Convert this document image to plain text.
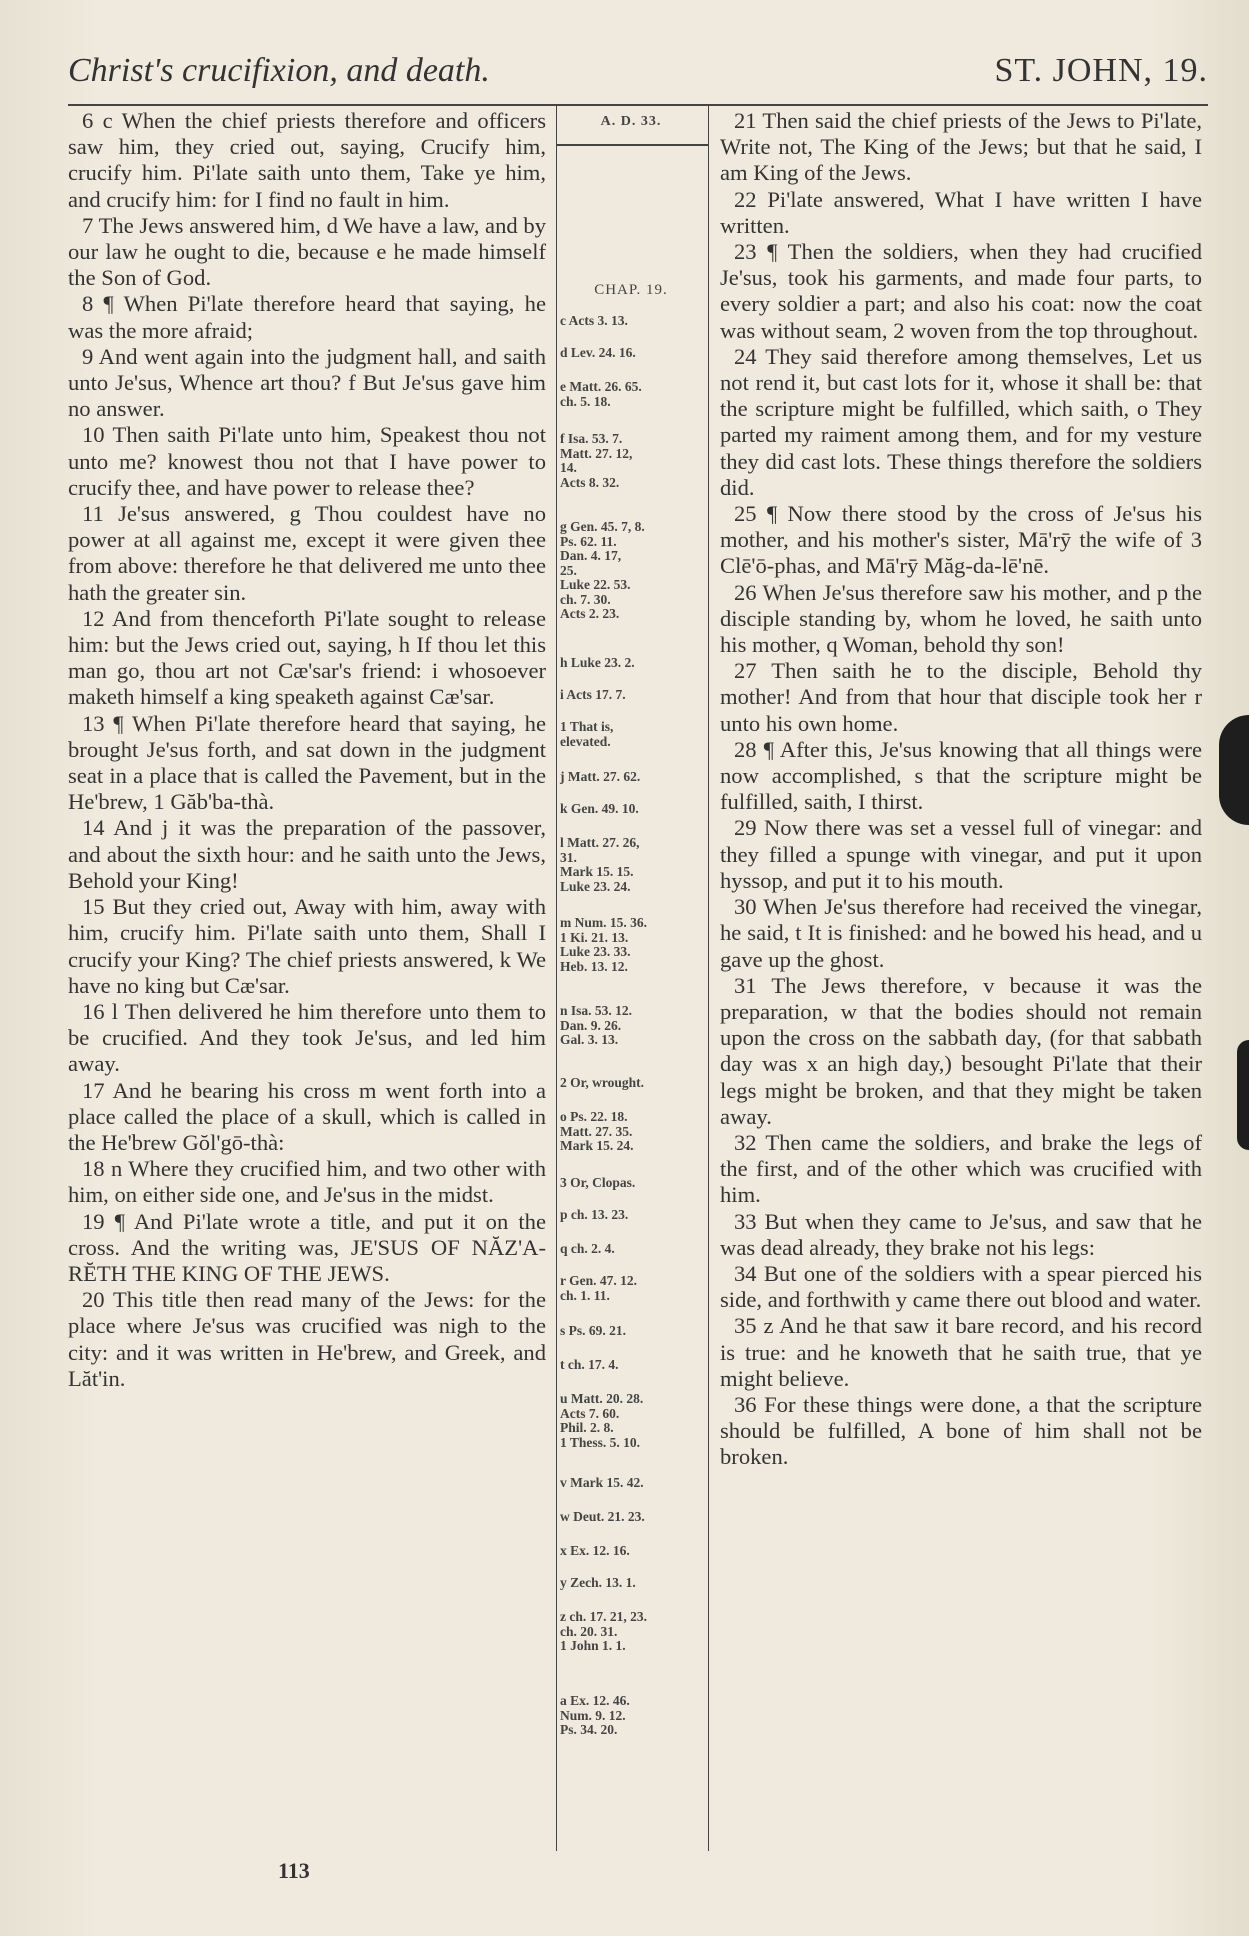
Christ's crucifixion, and death.	ST. JOHN, 19.

6 c When the chief priests therefore and officers saw him, they cried out, saying, Crucify him, crucify him. Pi'late saith unto them, Take ye him, and crucify him: for I find no fault in him.

7 The Jews answered him, d We have a law, and by our law he ought to die, because e he made himself the Son of God.

8 ¶ When Pi'late therefore heard that saying, he was the more afraid;

9 And went again into the judgment hall, and saith unto Je'sus, Whence art thou? f But Je'sus gave him no answer.

10 Then saith Pi'late unto him, Speakest thou not unto me? knowest thou not that I have power to crucify thee, and have power to release thee?

11 Je'sus answered, g Thou couldest have no power at all against me, except it were given thee from above: therefore he that delivered me unto thee hath the greater sin.

12 And from thenceforth Pi'late sought to release him: but the Jews cried out, saying, h If thou let this man go, thou art not Cæ'sar's friend: i whosoever maketh himself a king speaketh against Cæ'sar.

13 ¶ When Pi'late therefore heard that saying, he brought Je'sus forth, and sat down in the judgment seat in a place that is called the Pavement, but in the He'brew, 1 Găb'ba-thà.

14 And j it was the preparation of the passover, and about the sixth hour: and he saith unto the Jews, Behold your King!

15 But they cried out, Away with him, away with him, crucify him. Pi'late saith unto them, Shall I crucify your King? The chief priests answered, k We have no king but Cæ'sar.

16 l Then delivered he him therefore unto them to be crucified. And they took Je'sus, and led him away.

17 And he bearing his cross m went forth into a place called the place of a skull, which is called in the He'brew Gŏl'gō-thà:

18 n Where they crucified him, and two other with him, on either side one, and Je'sus in the midst.

19 ¶ And Pi'late wrote a title, and put it on the cross. And the writing was, JE'SUS OF NĂZ'A-RĔTH THE KING OF THE JEWS.

20 This title then read many of the Jews: for the place where Je'sus was crucified was nigh to the city: and it was written in He'brew, and Greek, and Lăt'in.

A. D. 33.
CHAP. 19.
c Acts 3. 13.
d Lev. 24. 16.
e Matt. 26. 65.
ch. 5. 18.
f Isa. 53. 7.
Matt. 27. 12,
14.
Acts 8. 32.
g Gen. 45. 7, 8.
Ps. 62. 11.
Dan. 4. 17,
25.
Luke 22. 53.
ch. 7. 30.
Acts 2. 23.
h Luke 23. 2.
i Acts 17. 7.
1 That is,
elevated.
j Matt. 27. 62.
k Gen. 49. 10.
l Matt. 27. 26,
31.
Mark 15. 15.
Luke 23. 24.
m Num. 15. 36.
1 Ki. 21. 13.
Luke 23. 33.
Heb. 13. 12.
n Isa. 53. 12.
Dan. 9. 26.
Gal. 3. 13.
2 Or, wrought.
o Ps. 22. 18.
Matt. 27. 35.
Mark 15. 24.
3 Or, Clopas.
p ch. 13. 23.
q ch. 2. 4.
r Gen. 47. 12.
ch. 1. 11.
s Ps. 69. 21.
t ch. 17. 4.
u Matt. 20. 28.
Acts 7. 60.
Phil. 2. 8.
1 Thess. 5. 10.
v Mark 15. 42.
w Deut. 21. 23.
x Ex. 12. 16.
y Zech. 13. 1.
z ch. 17. 21, 23.
ch. 20. 31.
1 John 1. 1.
a Ex. 12. 46.
Num. 9. 12.
Ps. 34. 20.

21 Then said the chief priests of the Jews to Pi'late, Write not, The King of the Jews; but that he said, I am King of the Jews.

22 Pi'late answered, What I have written I have written.

23 ¶ Then the soldiers, when they had crucified Je'sus, took his garments, and made four parts, to every soldier a part; and also his coat: now the coat was without seam, 2 woven from the top throughout.

24 They said therefore among themselves, Let us not rend it, but cast lots for it, whose it shall be: that the scripture might be fulfilled, which saith, o They parted my raiment among them, and for my vesture they did cast lots. These things therefore the soldiers did.

25 ¶ Now there stood by the cross of Je'sus his mother, and his mother's sister, Mā'rȳ the wife of 3 Clē'ō-phas, and Mā'rȳ Măg-da-lē'nē.

26 When Je'sus therefore saw his mother, and p the disciple standing by, whom he loved, he saith unto his mother, q Woman, behold thy son!

27 Then saith he to the disciple, Behold thy mother! And from that hour that disciple took her r unto his own home.

28 ¶ After this, Je'sus knowing that all things were now accomplished, s that the scripture might be fulfilled, saith, I thirst.

29 Now there was set a vessel full of vinegar: and they filled a spunge with vinegar, and put it upon hyssop, and put it to his mouth.

30 When Je'sus therefore had received the vinegar, he said, t It is finished: and he bowed his head, and u gave up the ghost.

31 The Jews therefore, v because it was the preparation, w that the bodies should not remain upon the cross on the sabbath day, (for that sabbath day was x an high day,) besought Pi'late that their legs might be broken, and that they might be taken away.

32 Then came the soldiers, and brake the legs of the first, and of the other which was crucified with him.

33 But when they came to Je'sus, and saw that he was dead already, they brake not his legs:

34 But one of the soldiers with a spear pierced his side, and forthwith y came there out blood and water.

35 z And he that saw it bare record, and his record is true: and he knoweth that he saith true, that ye might believe.

36 For these things were done, a that the scripture should be fulfilled, A bone of him shall not be broken.

113
